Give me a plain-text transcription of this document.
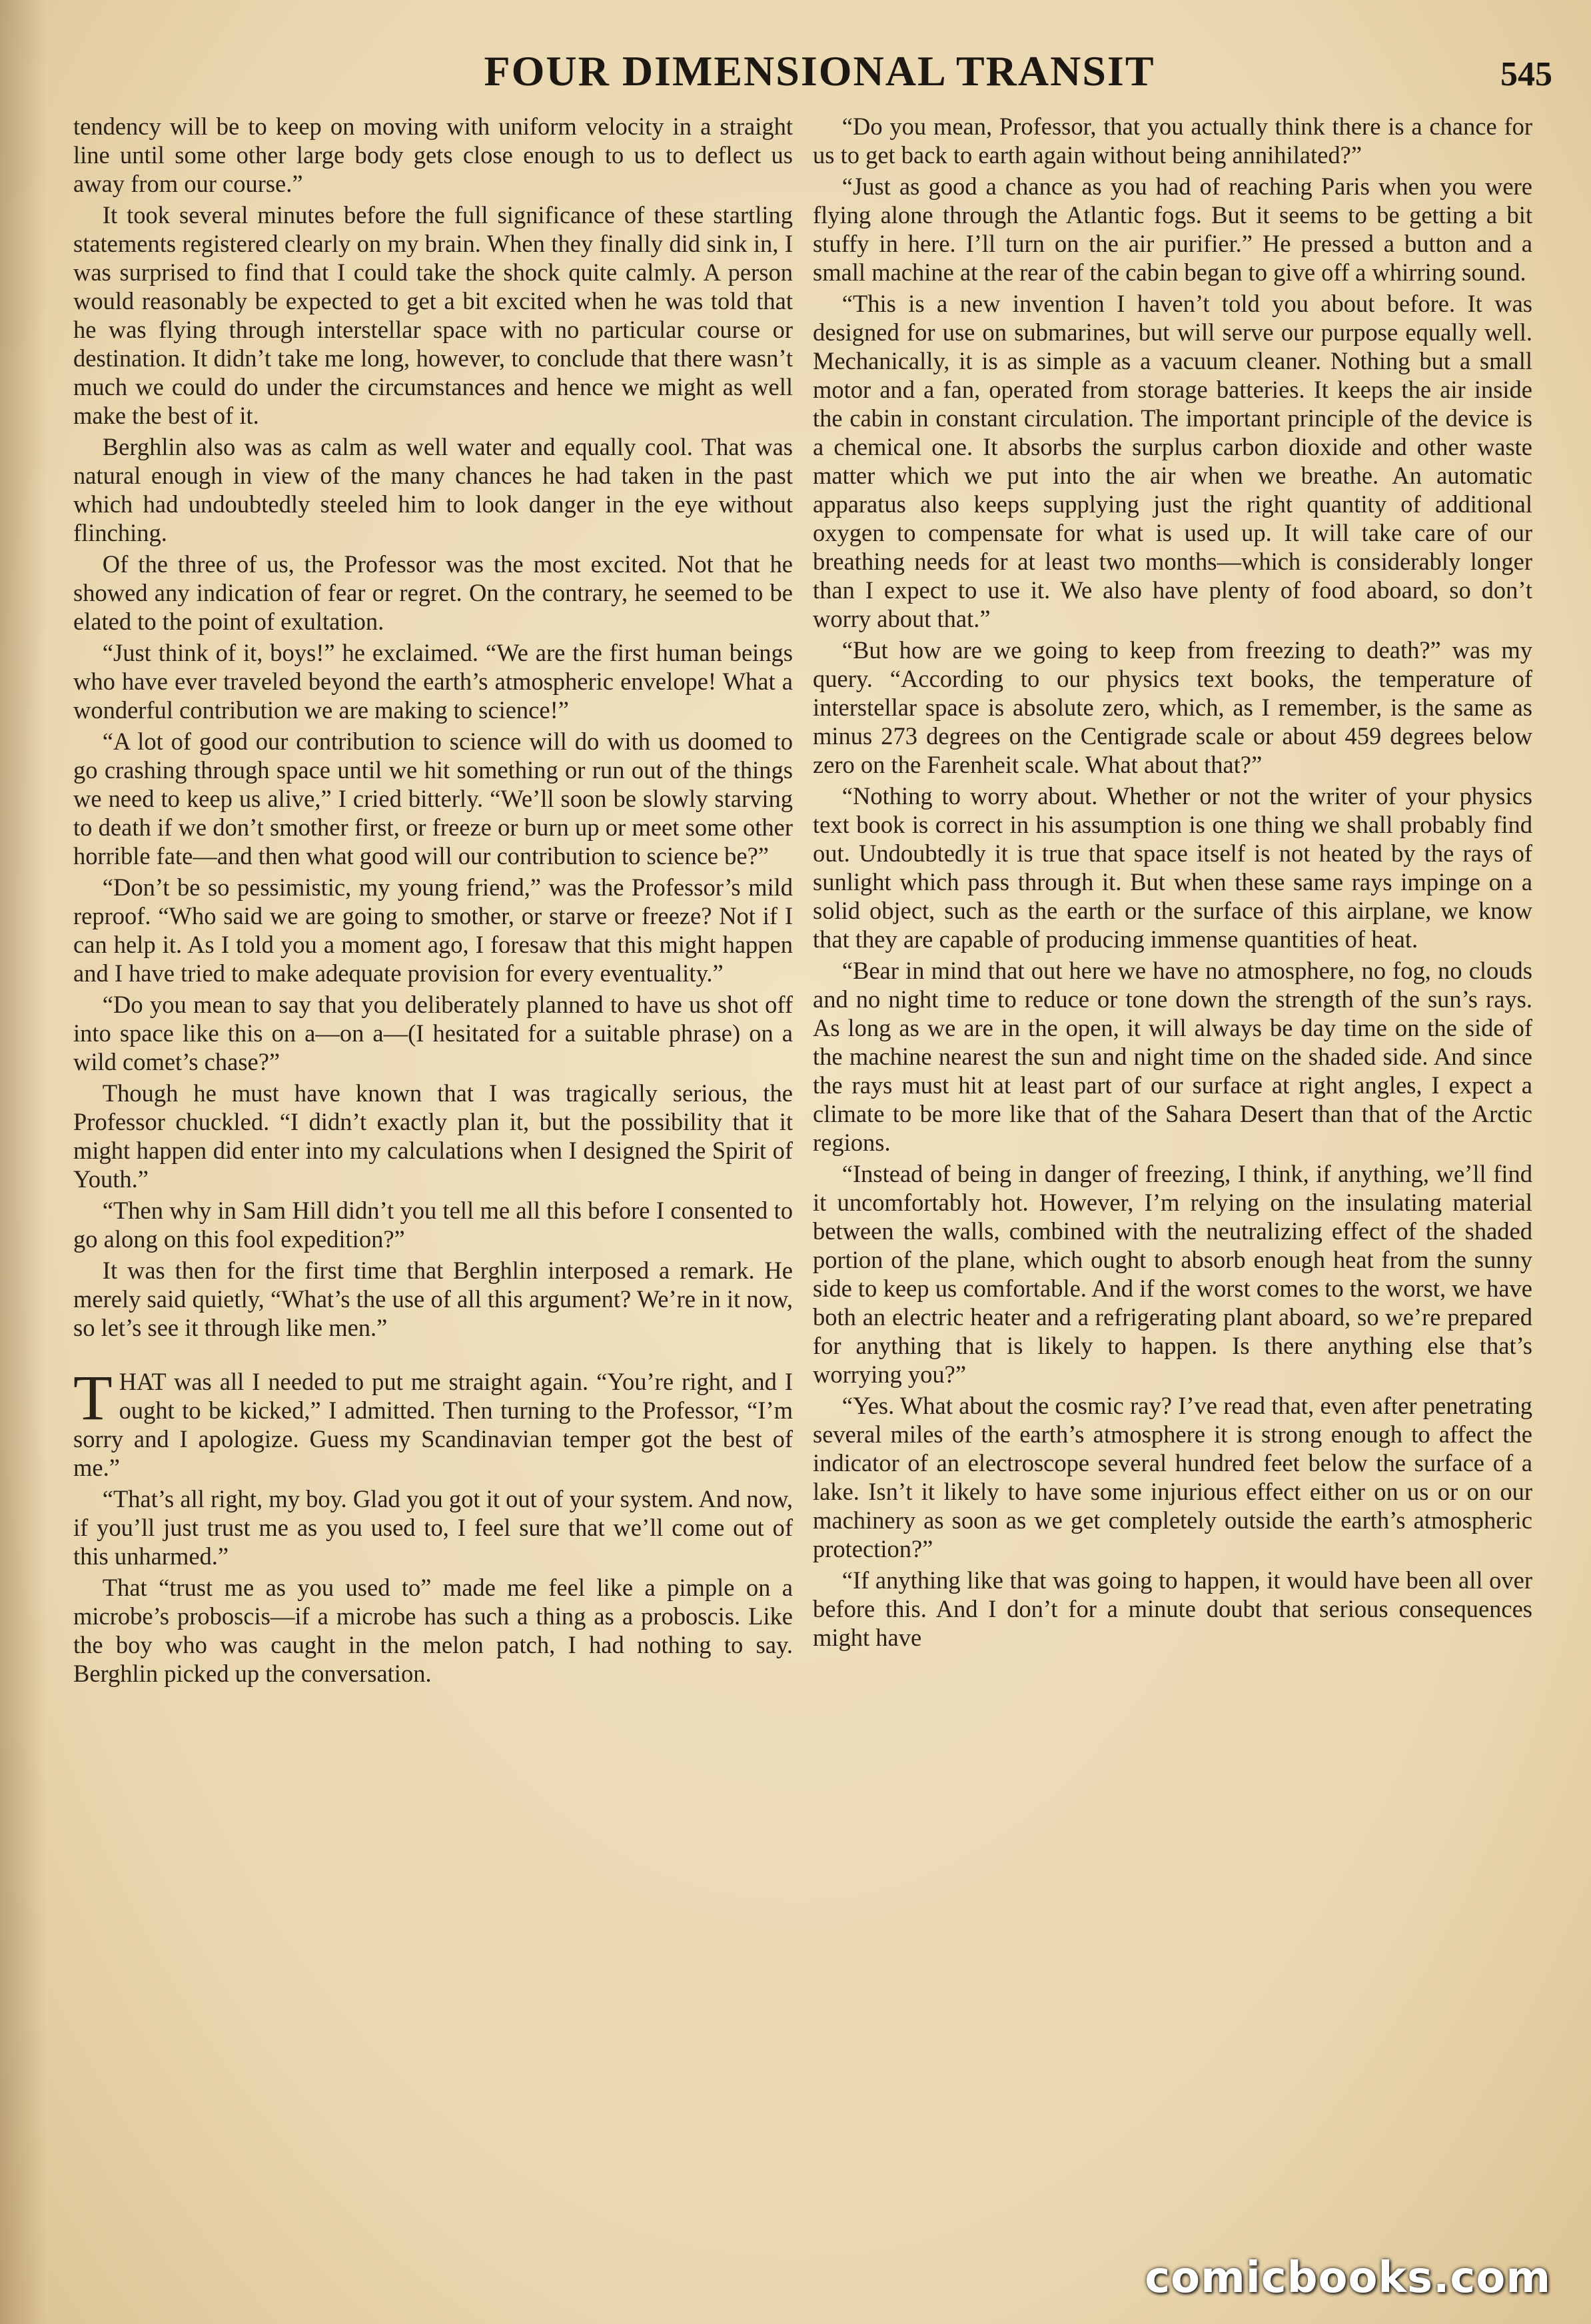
FOUR DIMENSIONAL TRANSIT	545

tendency will be to keep on moving with uniform velocity in a straight line until some other large body gets close enough to us to deflect us away from our course.”

It took several minutes before the full significance of these startling statements registered clearly on my brain. When they finally did sink in, I was surprised to find that I could take the shock quite calmly. A person would reasonably be expected to get a bit excited when he was told that he was flying through interstellar space with no particular course or destination. It didn’t take me long, however, to conclude that there wasn’t much we could do under the circumstances and hence we might as well make the best of it.

Berghlin also was as calm as well water and equally cool. That was natural enough in view of the many chances he had taken in the past which had undoubtedly steeled him to look danger in the eye without flinching.

Of the three of us, the Professor was the most excited. Not that he showed any indication of fear or regret. On the contrary, he seemed to be elated to the point of exultation.

“Just think of it, boys!” he exclaimed. “We are the first human beings who have ever traveled beyond the earth’s atmospheric envelope! What a wonderful contribution we are making to science!”

“A lot of good our contribution to science will do with us doomed to go crashing through space until we hit something or run out of the things we need to keep us alive,” I cried bitterly. “We’ll soon be slowly starving to death if we don’t smother first, or freeze or burn up or meet some other horrible fate—and then what good will our contribution to science be?”

“Don’t be so pessimistic, my young friend,” was the Professor’s mild reproof. “Who said we are going to smother, or starve or freeze? Not if I can help it. As I told you a moment ago, I foresaw that this might happen and I have tried to make adequate provision for every eventuality.”

“Do you mean to say that you deliberately planned to have us shot off into space like this on a—on a—(I hesitated for a suitable phrase) on a wild comet’s chase?”

Though he must have known that I was tragically serious, the Professor chuckled. “I didn’t exactly plan it, but the possibility that it might happen did enter into my calculations when I designed the Spirit of Youth.”

“Then why in Sam Hill didn’t you tell me all this before I consented to go along on this fool expedition?”

It was then for the first time that Berghlin interposed a remark. He merely said quietly, “What’s the use of all this argument? We’re in it now, so let’s see it through like men.”

T HAT was all I needed to put me straight again. “You’re right, and I ought to be kicked,” I admitted. Then turning to the Professor, “I’m sorry and I apologize. Guess my Scandinavian temper got the best of me.”

“That’s all right, my boy. Glad you got it out of your system. And now, if you’ll just trust me as you used to, I feel sure that we’ll come out of this unharmed.”

That “trust me as you used to” made me feel like a pimple on a microbe’s proboscis—if a microbe has such a thing as a proboscis. Like the boy who was caught in the melon patch, I had nothing to say. Berghlin picked up the conversation.

“Do you mean, Professor, that you actually think there is a chance for us to get back to earth again without being annihilated?”

“Just as good a chance as you had of reaching Paris when you were flying alone through the Atlantic fogs. But it seems to be getting a bit stuffy in here. I’ll turn on the air purifier.” He pressed a button and a small machine at the rear of the cabin began to give off a whirring sound.

“This is a new invention I haven’t told you about before. It was designed for use on submarines, but will serve our purpose equally well. Mechanically, it is as simple as a vacuum cleaner. Nothing but a small motor and a fan, operated from storage batteries. It keeps the air inside the cabin in constant circulation. The important principle of the device is a chemical one. It absorbs the surplus carbon dioxide and other waste matter which we put into the air when we breathe. An automatic apparatus also keeps supplying just the right quantity of additional oxygen to compensate for what is used up. It will take care of our breathing needs for at least two months—which is considerably longer than I expect to use it. We also have plenty of food aboard, so don’t worry about that.”

“But how are we going to keep from freezing to death?” was my query. “According to our physics text books, the temperature of interstellar space is absolute zero, which, as I remember, is the same as minus 273 degrees on the Centigrade scale or about 459 degrees below zero on the Farenheit scale. What about that?”

“Nothing to worry about. Whether or not the writer of your physics text book is correct in his assumption is one thing we shall probably find out. Undoubtedly it is true that space itself is not heated by the rays of sunlight which pass through it. But when these same rays impinge on a solid object, such as the earth or the surface of this airplane, we know that they are capable of producing immense quantities of heat.

“Bear in mind that out here we have no atmosphere, no fog, no clouds and no night time to reduce or tone down the strength of the sun’s rays. As long as we are in the open, it will always be day time on the side of the machine nearest the sun and night time on the shaded side. And since the rays must hit at least part of our surface at right angles, I expect a climate to be more like that of the Sahara Desert than that of the Arctic regions.

“Instead of being in danger of freezing, I think, if anything, we’ll find it uncomfortably hot. However, I’m relying on the insulating material between the walls, combined with the neutralizing effect of the shaded portion of the plane, which ought to absorb enough heat from the sunny side to keep us comfortable. And if the worst comes to the worst, we have both an electric heater and a refrigerating plant aboard, so we’re prepared for anything that is likely to happen. Is there anything else that’s worrying you?”

“Yes. What about the cosmic ray? I’ve read that, even after penetrating several miles of the earth’s atmosphere it is strong enough to affect the indicator of an electroscope several hundred feet below the surface of a lake. Isn’t it likely to have some injurious effect either on us or on our machinery as soon as we get completely outside the earth’s atmospheric protection?”

“If anything like that was going to happen, it would have been all over before this. And I don’t for a minute doubt that serious consequences might have

comicbooks.com
